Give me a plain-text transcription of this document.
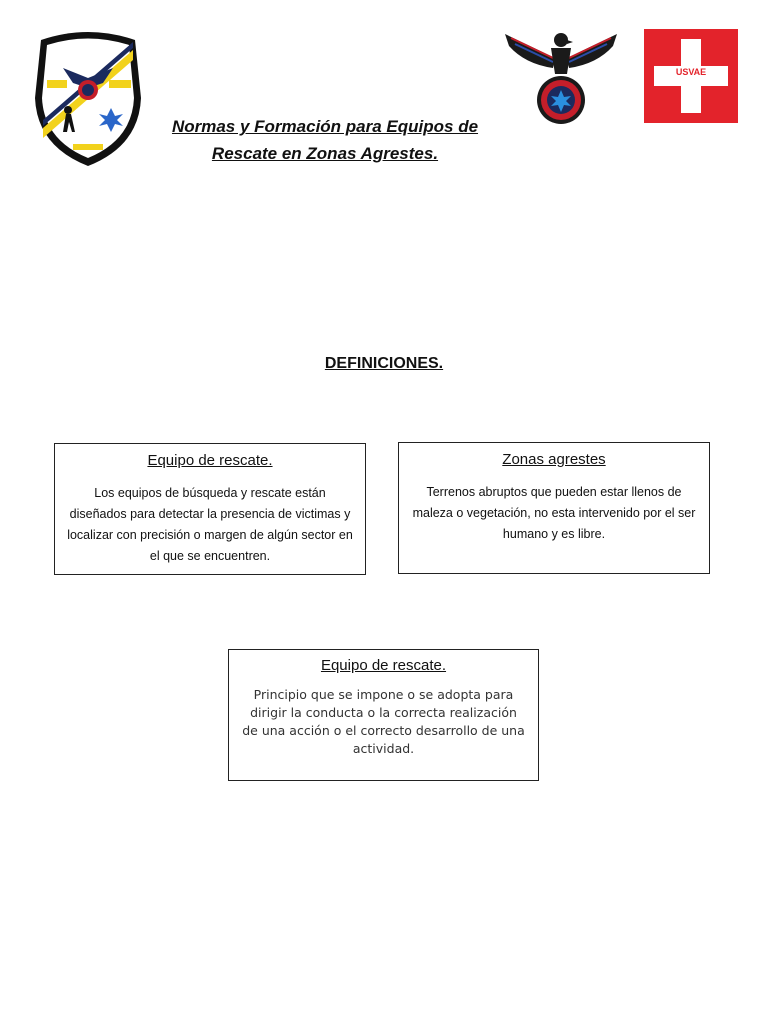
USVAE
Normas y Formación para Equipos de
Rescate en Zonas Agrestes.
DEFINICIONES.
Equipo de rescate.

Los equipos de búsqueda y rescate están diseñados para detectar la presencia de victimas y localizar con precisión o margen de algún sector en el que se encuentren.

Zonas agrestes

Terrenos abruptos que pueden estar llenos de maleza o vegetación, no esta intervenido por el ser humano y es libre.

Equipo de rescate.

Principio que se impone o se adopta para dirigir la conducta o la correcta realización de una acción o el correcto desarrollo de una actividad.
